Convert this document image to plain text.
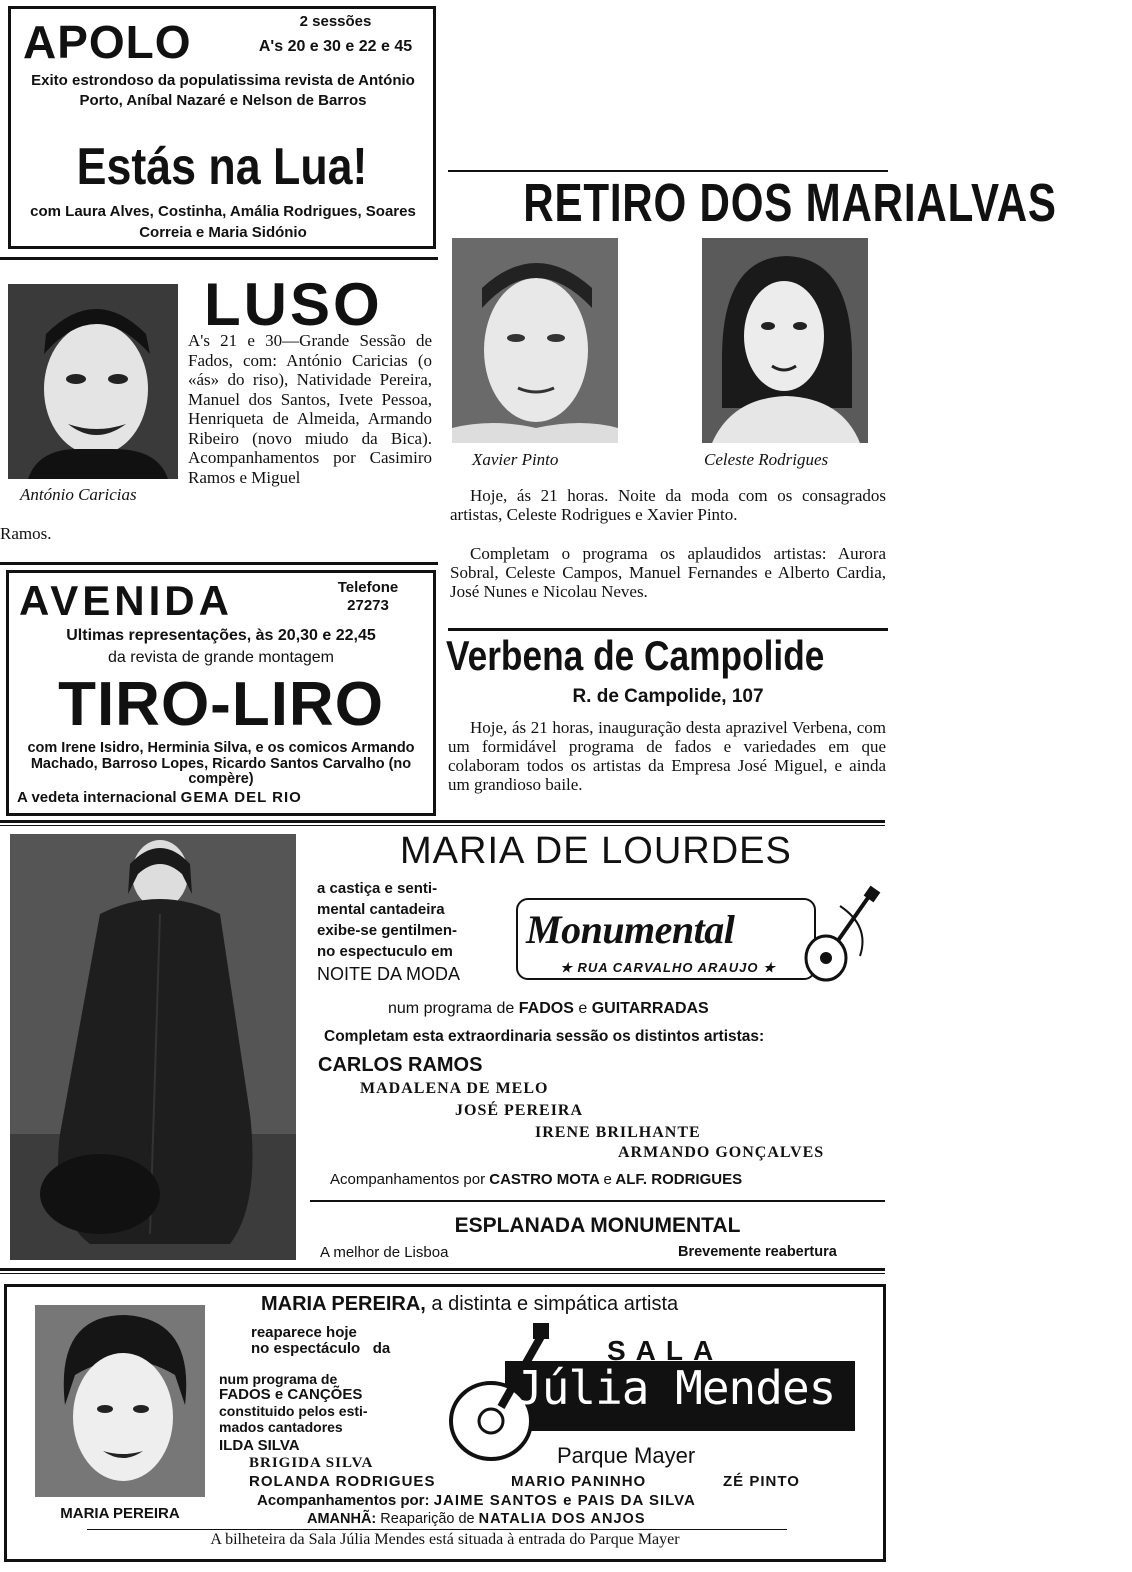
APOLO	2 sessões
A's 20 e 30 e 22 e 45
Exito estrondoso da populatissima revista de António Porto, Aníbal Nazaré e Nelson de Barros
Estás na Lua!
com Laura Alves, Costinha, Amália Rodrigues, Soares Correia e Maria Sidónio
António Caricias
LUSO
A's 21 e 30—Grande Sessão de Fados, com: António Caricias (o «ás» do riso), Natividade Pereira, Manuel dos Santos, Ivete Pessoa, Henriqueta de Almeida, Armando Ribeiro (novo miudo da Bica). Acompanhamentos por Casimiro Ramos e Miguel
Ramos.
AVENIDA	Telefone
27273
Ultimas representações, às 20,30 e 22,45
da revista de grande montagem
TIRO-LIRO
com Irene Isidro, Herminia Silva, e os comicos Armando Machado, Barroso Lopes, Ricardo Santos Carvalho (no compère)
A vedeta internacional GEMA DEL RIO
RETIRO DOS MARIALVAS
Xavier Pinto	Celeste Rodrigues
Hoje, ás 21 horas. Noite da moda com os consagrados artistas, Celeste Rodrigues e Xavier Pinto.
Completam o programa os aplaudidos artistas: Aurora Sobral, Celeste Campos, Manuel Fernandes e Alberto Cardia, José Nunes e Nicolau Neves.
Verbena de Campolide
R. de Campolide, 107
Hoje, ás 21 horas, inauguração desta aprazivel Verbena, com um formidável programa de fados e variedades em que colaboram todos os artistas da Empresa José Miguel, e ainda um grandioso baile.
MARIA DE LOURDES
a castiça e senti-
mental cantadeira
exibe-se gentilmen-
no espectuculo em
NOITE DA MODA
Monumental
★ RUA CARVALHO ARAUJO ★
num programa de FADOS e GUITARRADAS
Completam esta extraordinaria sessão os distintos artistas:
CARLOS RAMOS
MADALENA DE MELO
JOSÉ PEREIRA
IRENE BRILHANTE
ARMANDO GONÇALVES
Acompanhamentos por CASTRO MOTA e ALF. RODRIGUES
ESPLANADA MONUMENTAL
A melhor de Lisboa	Brevemente reabertura
MARIA PEREIRA
MARIA PEREIRA, a distinta e simpática artista
reaparece hoje
no espectáculo   da
num programa de
FADOS e CANÇÕES
constituido pelos esti-
mados cantadores
ILDA SILVA
BRIGIDA SILVA
ROLANDA RODRIGUES	MARIO PANINHO	ZÉ PINTO
Acompanhamentos por: JAIME SANTOS e PAIS DA SILVA
AMANHÃ: Reaparição de NATALIA DOS ANJOS
A bilheteira da Sala Júlia Mendes está situada à entrada do Parque Mayer
SALA
Júlia Mendes
Parque Mayer
